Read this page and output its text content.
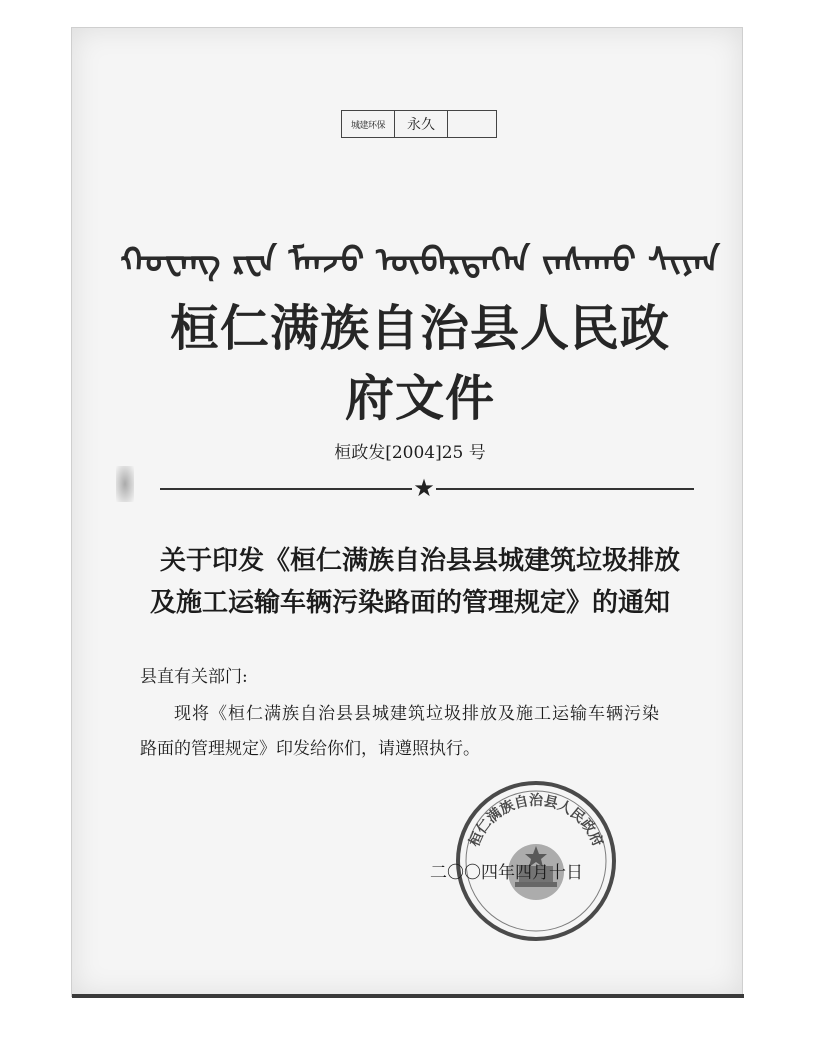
城建环保	永久
ᠬᠤᠸᠠᠩ ᠷᠸᠨ ᠮᠠᠨᠵᠤ ᠥᠪᠡᠷᠲᠡᠭᠡᠨ ᠵᠠᠰᠠᠬᠤ ᠰᠢᠶᠠᠨ
桓仁满族自治县人民政府文件
桓政发[2004]25 号
★
关于印发《桓仁满族自治县县城建筑垃圾排放
及施工运输车辆污染路面的管理规定》的通知
县直有关部门:
现将《桓仁满族自治县县城建筑垃圾排放及施工运输车辆污染
路面的管理规定》印发给你们，请遵照执行。
桓仁满族自治县人民政府
二〇〇四年四月十日
